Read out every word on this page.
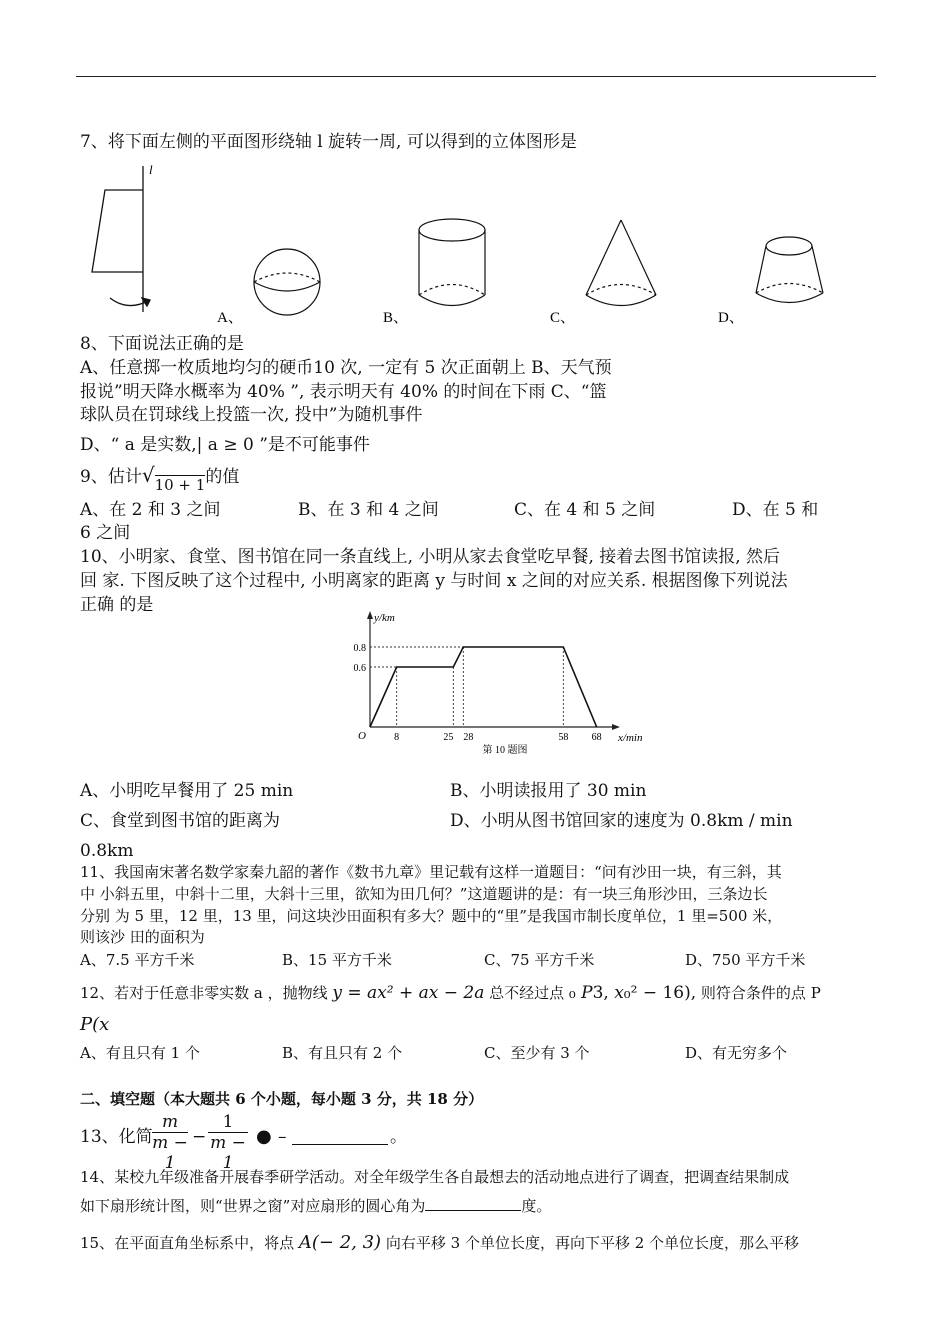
7、将下面左侧的平面图形绕轴 l 旋转一周, 可以得到的立体图形是
l
A、	B、	C、	D、
8、下面说法正确的是
A、任意掷一枚质地均匀的硬币10 次, 一定有 5 次正面朝上 B、天气预
报说”明天降水概率为 40% ”, 表示明天有 40% 的时间在下雨 C、“篮
球队员在罚球线上投篮一次, 投中”为随机事件
D、“ a 是实数,| a ≥ 0 ”是不可能事件
9、估计√10 + 1的值
A、在 2 和 3 之间	B、在 3 和 4 之间	C、在 4 和 5 之间	D、在 5 和
6 之间
10、小明家、食堂、图书馆在同一条直线上, 小明从家去食堂吃早餐, 接着去图书馆读报, 然后
回 家. 下图反映了这个过程中, 小明离家的距离 y 与时间 x 之间的对应关系. 根据图像下列说法
正确 的是
8	25 28	58 68
0.6
0.8
O	x/min
y/km
第 10 题图
A、小明吃早餐用了 25 min	B、小明读报用了 30 min
C、食堂到图书馆的距离为	D、小明从图书馆回家的速度为 0.8km / min
0.8km
11、我国南宋著名数学家秦九韶的著作《数书九章》里记载有这样一道题目：“问有沙田一块，有三斜，其
中 小斜五里，中斜十二里，大斜十三里，欲知为田几何？”这道题讲的是：有一块三角形沙田，三条边长
分别 为 5 里，12 里，13 里，问这块沙田面积有多大？题中的“里”是我国市制长度单位，1 里=500 米，
则该沙 田的面积为
A、7.5 平方千米	B、15 平方千米	C、75 平方千米	D、750 平方千米
12、若对于任意非零实数 a ，抛物线 y = ax² + ax − 2a 总不经过点 ₀ 𝑃3, 𝑥₀² − 16), 则符合条件的点 P
P(x
A、有且只有 1 个	B、有且只有 2 个	C、至少有 3 个	D、有无穷多个
二、填空题（本大题共 6 个小题，每小题 3 分，共 18 分）
13、化简 $\frac{m}{m - 1} - \frac{1}{m - 1}$ ● –	。
14、某校九年级准备开展春季研学活动。对全年级学生各自最想去的活动地点进行了调查，把调查结果制成
如下扇形统计图，则“世界之窗”对应扇形的圆心角为	度。
15、在平面直角坐标系中，将点 A(− 2, 3) 向右平移 3 个单位长度，再向下平移 2 个单位长度，那么平移
